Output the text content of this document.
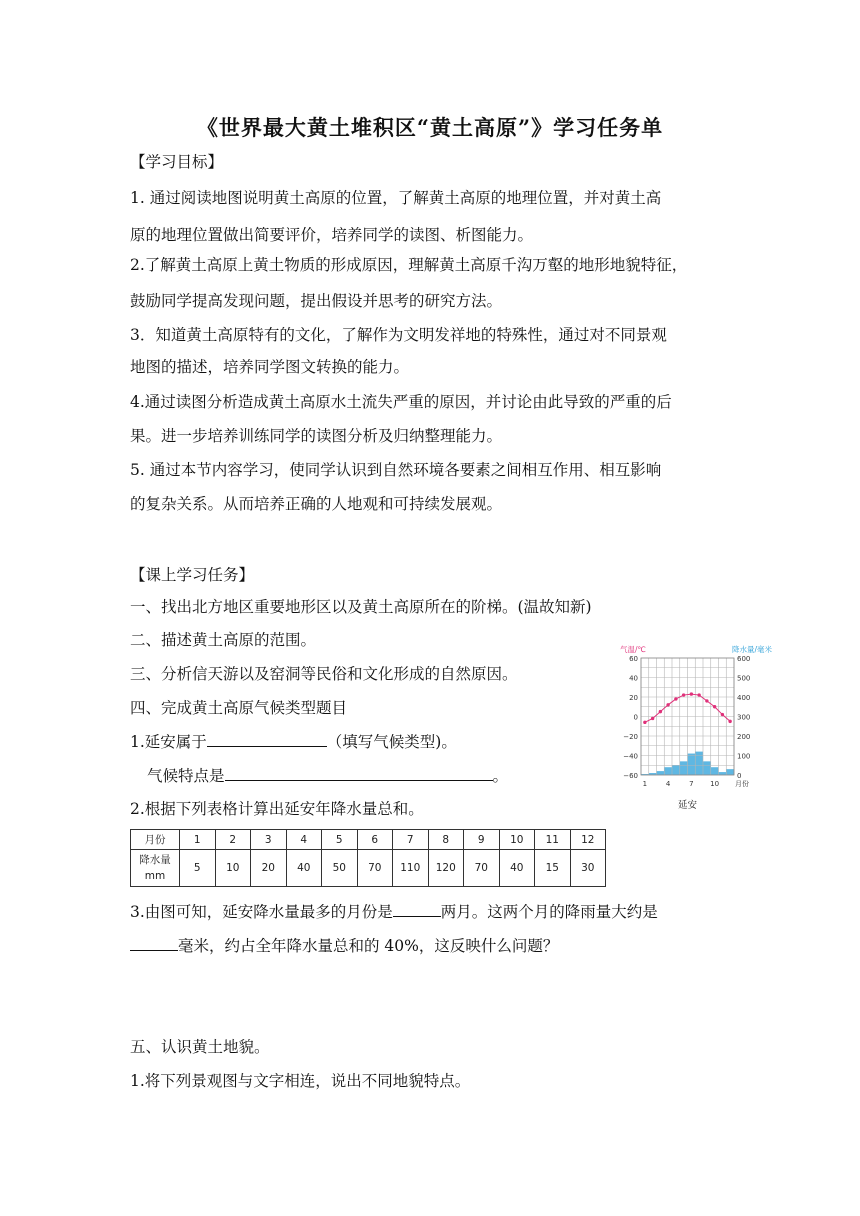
《世界最大黄土堆积区“黄土高原”》学习任务单
【学习目标】
1. 通过阅读地图说明黄土高原的位置，了解黄土高原的地理位置，并对黄土高
原的地理位置做出简要评价，培养同学的读图、析图能力。
2.了解黄土高原上黄土物质的形成原因，理解黄土高原千沟万壑的地形地貌特征，
鼓励同学提高发现问题，提出假设并思考的研究方法。
3．知道黄土高原特有的文化，了解作为文明发祥地的特殊性，通过对不同景观
地图的描述，培养同学图文转换的能力。
4.通过读图分析造成黄土高原水土流失严重的原因，并讨论由此导致的严重的后
果。进一步培养训练同学的读图分析及归纳整理能力。
5. 通过本节内容学习，使同学认识到自然环境各要素之间相互作用、相互影响
的复杂关系。从而培养正确的人地观和可持续发展观。
【课上学习任务】
一、找出北方地区重要地形区以及黄土高原所在的阶梯。(温故知新)
二、描述黄土高原的范围。
三、分析信天游以及窑洞等民俗和文化形成的自然原因。
四、完成黄土高原气候类型题目
1.延安属于	（填写气候类型)。
气候特点是	。
2.根据下列表格计算出延安年降水量总和。
月份	1	2	3	4	5	6	7	8	9	10	11	12
降水量
mm	5	10	20	40	50	70	110	120	70	40	15	30
3.由图可知，延安降水量最多的月份是	两月。这两个月的降雨量大约是
毫米，约占全年降水量总和的 40%，这反映什么问题？
五、认识黄土地貌。
1.将下列景观图与文字相连，说出不同地貌特点。
60
40
20
0
−20
−40
−60
600
500
400
300
200
100
0
气温/℃	降水量/毫米
1	4	7 10 月份
延安
